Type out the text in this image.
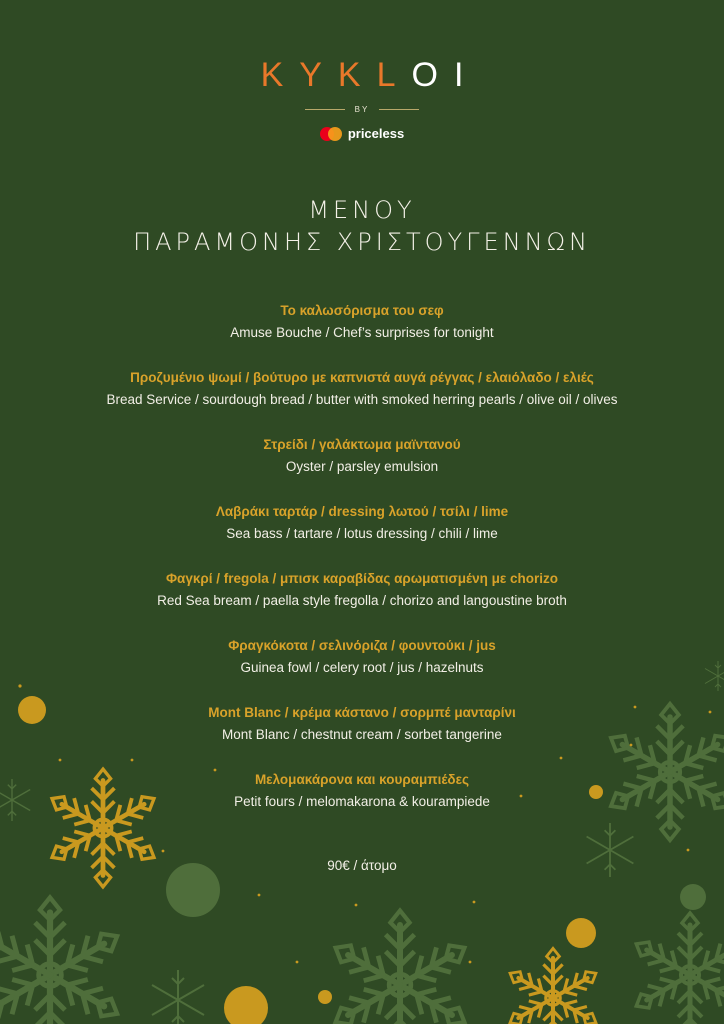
KYKLOI
BY
priceless
ΜΕΝΟΥ
ΠΑΡΑΜΟΝΗΣ ΧΡΙΣΤΟΥΓΕΝΝΩΝ
Το καλωσόρισμα του σεφ
Amuse Bouche / Chef’s surprises for tonight
Προζυμένιο ψωμί / βούτυρο με καπνιστά αυγά ρέγγας / ελαιόλαδο / ελιές
Bread Service / sourdough bread / butter with smoked herring pearls / olive oil / olives
Στρείδι / γαλάκτωμα μαϊντανού
Oyster / parsley emulsion
Λαβράκι ταρτάρ / dressing λωτού / τσίλι / lime
Sea bass / tartare / lotus dressing / chili / lime
Φαγκρί / fregola / μπισκ καραβίδας αρωματισμένη με chorizo
Red Sea bream / paella style fregolla / chorizo and langoustine broth
Φραγκόκοτα / σελινόριζα / φουντούκι / jus
Guinea fowl / celery root / jus / hazelnuts
Mont Blanc / κρέμα κάστανο / σορμπέ μανταρίνι
Mont Blanc / chestnut cream / sorbet tangerine
Μελομακάρονα και κουραμπιέδες
Petit fours / melomakarona & kourampiede
90€ / άτομο
